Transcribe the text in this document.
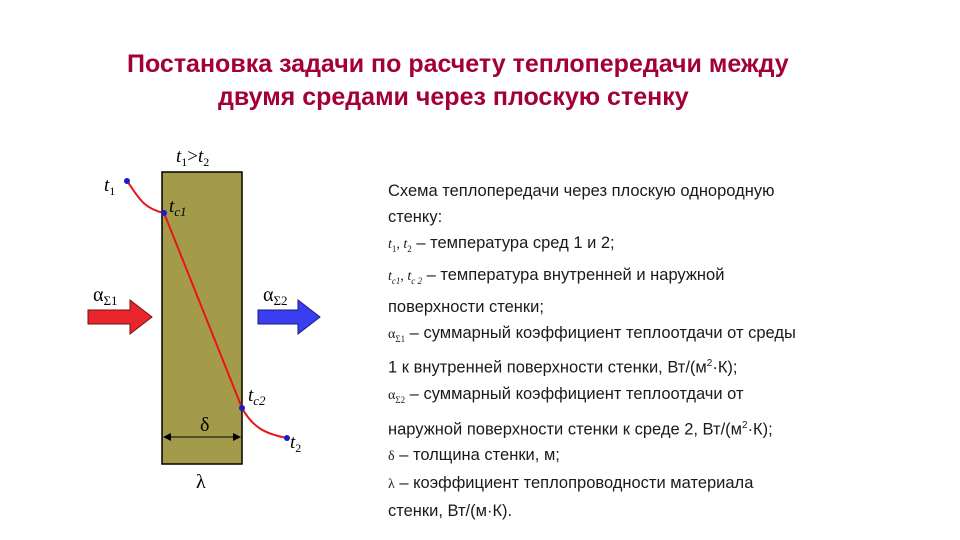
Постановка задачи по расчету теплопередачи между
двумя средами через плоскую стенку
$t_1>t_2$
$t_1$
$t_{c1}$
$t_{c2}$
$t_2$
$\alpha_{\Sigma 1}$	$\alpha_{\Sigma 2}$
δ
λ
Схема теплопередачи через плоскую однородную
стенку:
$t_1$, $t_2$ – температура сред 1 и 2;
$t_{c1}$, $t_{c 2}$ – температура внутренней и наружной
поверхности стенки;
$\alpha_{\Sigma 1}$ – суммарный коэффициент теплоотдачи от среды
1 к внутренней поверхности стенки, $Вт/(м^2\cdot К)$;
$\alpha_{\Sigma 2}$ – суммарный коэффициент теплоотдачи от
наружной поверхности стенки к среде 2, $Вт/(м^2\cdot К)$;
δ – толщина стенки, м;
λ – коэффициент теплопроводности материала
стенки, Вт/(м·К).
